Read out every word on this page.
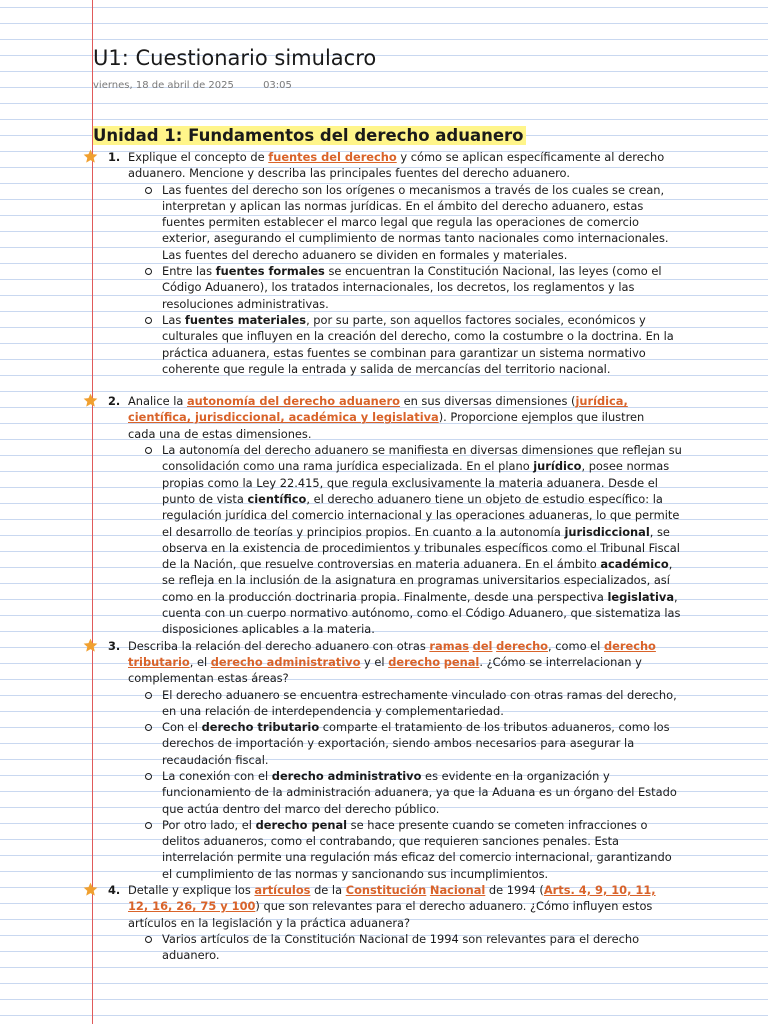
U1: Cuestionario simulacro
viernes, 18 de abril de 2025	03:05
Unidad 1: Fundamentos del derecho aduanero
1. Explique el concepto de fuentes del derecho y cómo se aplican específicamente al derecho aduanero. Mencione y describa las principales fuentes del derecho aduanero.
Las fuentes del derecho son los orígenes o mecanismos a través de los cuales se crean, interpretan y aplican las normas jurídicas. En el ámbito del derecho aduanero, estas fuentes permiten establecer el marco legal que regula las operaciones de comercio exterior, asegurando el cumplimiento de normas tanto nacionales como internacionales. Las fuentes del derecho aduanero se dividen en formales y materiales.
Entre las fuentes formales se encuentran la Constitución Nacional, las leyes (como el Código Aduanero), los tratados internacionales, los decretos, los reglamentos y las resoluciones administrativas.
Las fuentes materiales, por su parte, son aquellos factores sociales, económicos y culturales que influyen en la creación del derecho, como la costumbre o la doctrina. En la práctica aduanera, estas fuentes se combinan para garantizar un sistema normativo coherente que regule la entrada y salida de mercancías del territorio nacional.
2. Analice la autonomía del derecho aduanero en sus diversas dimensiones (jurídica, científica, jurisdiccional, académica y legislativa). Proporcione ejemplos que ilustren cada una de estas dimensiones.
La autonomía del derecho aduanero se manifiesta en diversas dimensiones que reflejan su consolidación como una rama jurídica especializada. En el plano jurídico, posee normas propias como la Ley 22.415, que regula exclusivamente la materia aduanera. Desde el punto de vista científico, el derecho aduanero tiene un objeto de estudio específico: la regulación jurídica del comercio internacional y las operaciones aduaneras, lo que permite el desarrollo de teorías y principios propios. En cuanto a la autonomía jurisdiccional, se observa en la existencia de procedimientos y tribunales específicos como el Tribunal Fiscal de la Nación, que resuelve controversias en materia aduanera. En el ámbito académico, se refleja en la inclusión de la asignatura en programas universitarios especializados, así como en la producción doctrinaria propia. Finalmente, desde una perspectiva legislativa, cuenta con un cuerpo normativo autónomo, como el Código Aduanero, que sistematiza las disposiciones aplicables a la materia.
3. Describa la relación del derecho aduanero con otras ramas del derecho, como el derecho tributario, el derecho administrativo y el derecho penal. ¿Cómo se interrelacionan y complementan estas áreas?
El derecho aduanero se encuentra estrechamente vinculado con otras ramas del derecho, en una relación de interdependencia y complementariedad.
Con el derecho tributario comparte el tratamiento de los tributos aduaneros, como los derechos de importación y exportación, siendo ambos necesarios para asegurar la recaudación fiscal.
La conexión con el derecho administrativo es evidente en la organización y funcionamiento de la administración aduanera, ya que la Aduana es un órgano del Estado que actúa dentro del marco del derecho público.
Por otro lado, el derecho penal se hace presente cuando se cometen infracciones o delitos aduaneros, como el contrabando, que requieren sanciones penales. Esta interrelación permite una regulación más eficaz del comercio internacional, garantizando el cumplimiento de las normas y sancionando sus incumplimientos.
4. Detalle y explique los artículos de la Constitución Nacional de 1994 (Arts. 4, 9, 10, 11, 12, 16, 26, 75 y 100) que son relevantes para el derecho aduanero. ¿Cómo influyen estos artículos en la legislación y la práctica aduanera?
Varios artículos de la Constitución Nacional de 1994 son relevantes para el derecho aduanero.
